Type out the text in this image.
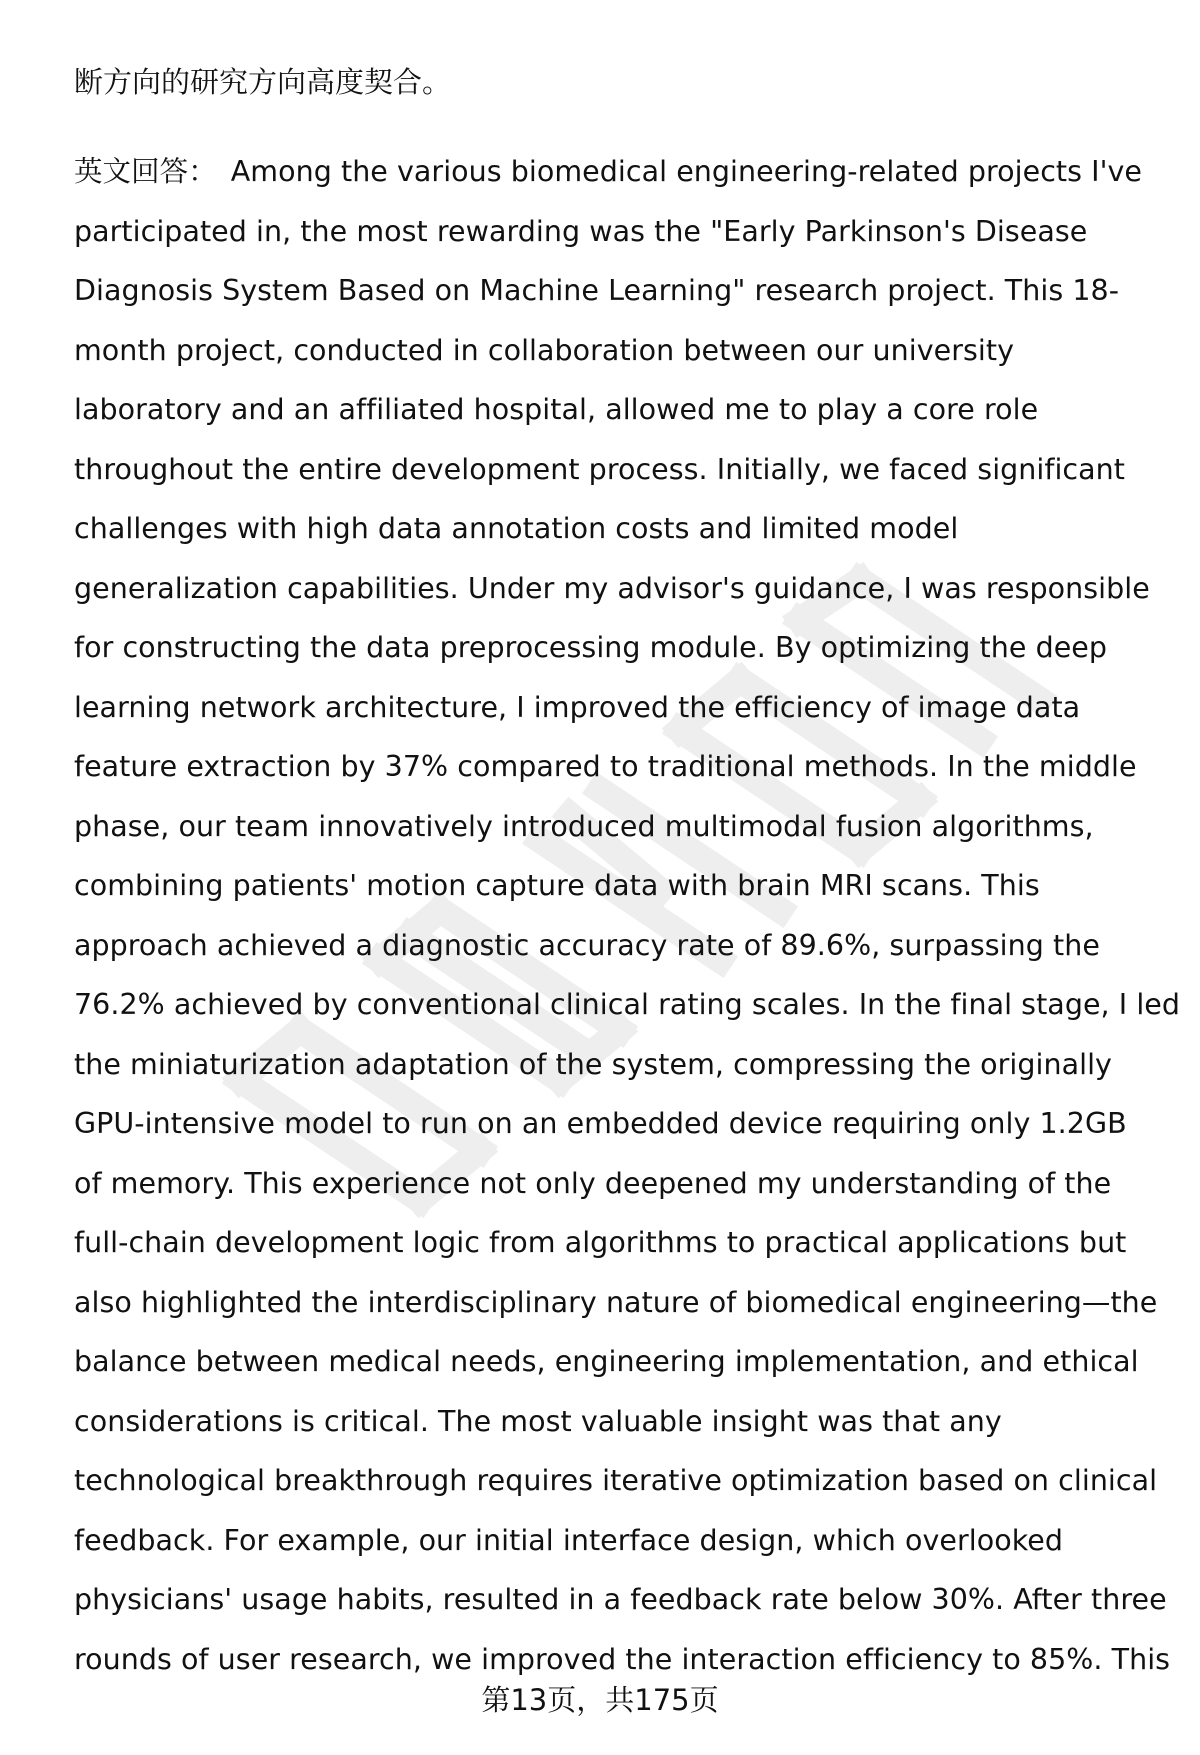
断方向的研究方向高度契合。

英文回答： Among the various biomedical engineering-related projects I've
participated in, the most rewarding was the "Early Parkinson's Disease
Diagnosis System Based on Machine Learning" research project. This 18-
month project, conducted in collaboration between our university
laboratory and an affiliated hospital, allowed me to play a core role
throughout the entire development process. Initially, we faced significant
challenges with high data annotation costs and limited model
generalization capabilities. Under my advisor's guidance, I was responsible
for constructing the data preprocessing module. By optimizing the deep
learning network architecture, I improved the efficiency of image data
feature extraction by 37% compared to traditional methods. In the middle
phase, our team innovatively introduced multimodal fusion algorithms,
combining patients' motion capture data with brain MRI scans. This
approach achieved a diagnostic accuracy rate of 89.6%, surpassing the
76.2% achieved by conventional clinical rating scales. In the final stage, I led
the miniaturization adaptation of the system, compressing the originally
GPU-intensive model to run on an embedded device requiring only 1.2GB
of memory. This experience not only deepened my understanding of the
full-chain development logic from algorithms to practical applications but
also highlighted the interdisciplinary nature of biomedical engineering—the
balance between medical needs, engineering implementation, and ethical
considerations is critical. The most valuable insight was that any
technological breakthrough requires iterative optimization based on clinical
feedback. For example, our initial interface design, which overlooked
physicians' usage habits, resulted in a feedback rate below 30%. After three
rounds of user research, we improved the interaction efficiency to 85%. This
第13页，共175页
